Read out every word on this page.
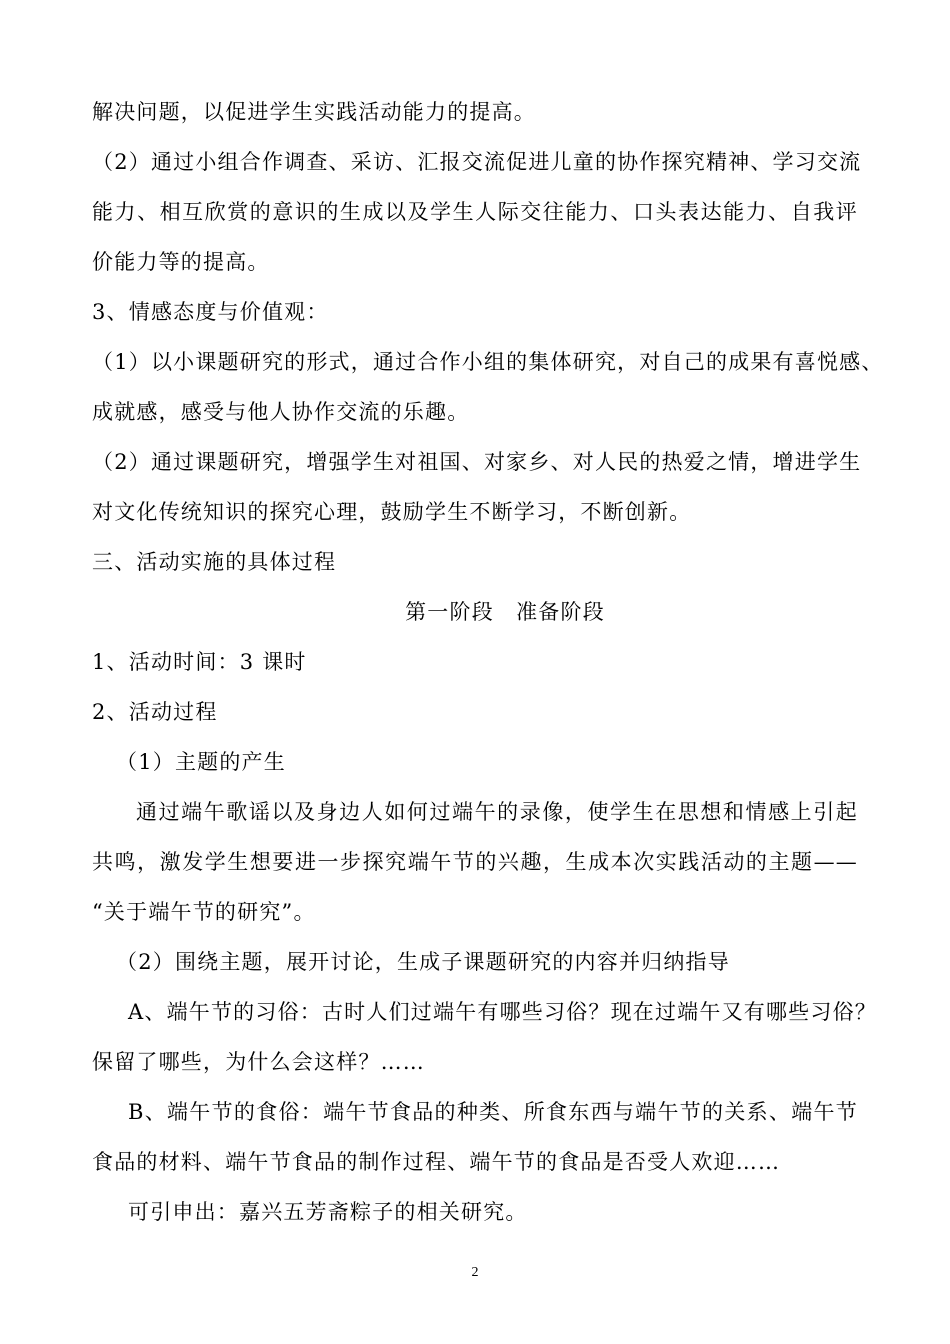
解决问题，以促进学生实践活动能力的提高。
（2）通过小组合作调查、采访、汇报交流促进儿童的协作探究精神、学习交流
能力、相互欣赏的意识的生成以及学生人际交往能力、口头表达能力、自我评
价能力等的提高。
3、情感态度与价值观：
（1）以小课题研究的形式，通过合作小组的集体研究，对自己的成果有喜悦感、
成就感，感受与他人协作交流的乐趣。
（2）通过课题研究，增强学生对祖国、对家乡、对人民的热爱之情，增进学生
对文化传统知识的探究心理，鼓励学生不断学习，不断创新。
三、活动实施的具体过程
第一阶段　准备阶段
1、活动时间：3 课时
2、活动过程
（1）主题的产生
通过端午歌谣以及身边人如何过端午的录像，使学生在思想和情感上引起
共鸣，激发学生想要进一步探究端午节的兴趣，生成本次实践活动的主题——
“关于端午节的研究”。
（2）围绕主题，展开讨论，生成子课题研究的内容并归纳指导
A、端午节的习俗：古时人们过端午有哪些习俗？现在过端午又有哪些习俗？
保留了哪些，为什么会这样？……
B、端午节的食俗：端午节食品的种类、所食东西与端午节的关系、端午节
食品的材料、端午节食品的制作过程、端午节的食品是否受人欢迎……
可引申出：嘉兴五芳斋粽子的相关研究。
2
